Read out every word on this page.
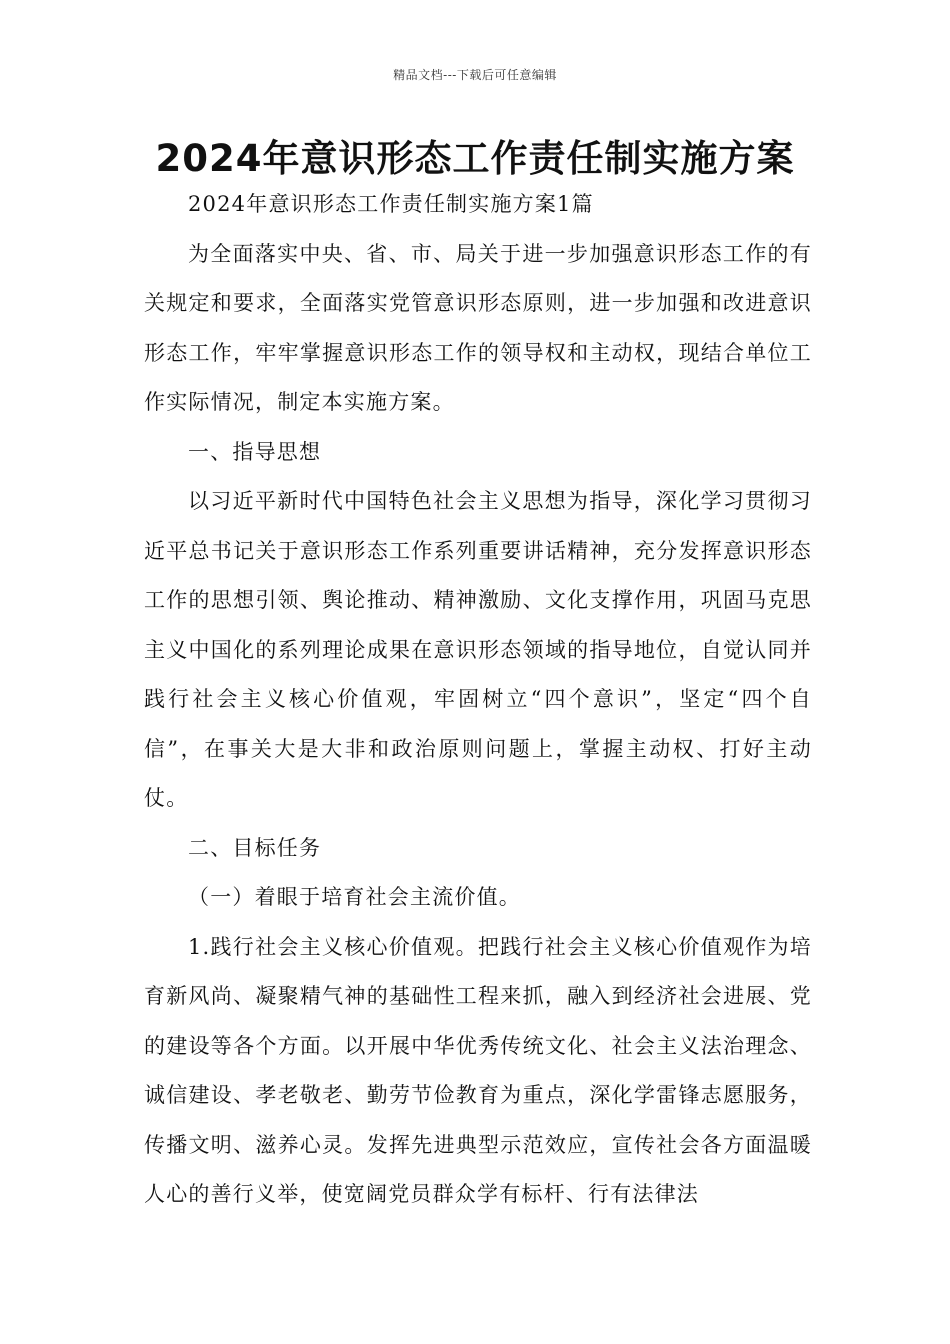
精品文档---下载后可任意编辑
2024年意识形态工作责任制实施方案

2024年意识形态工作责任制实施方案1篇

为全面落实中央、省、市、局关于进一步加强意识形态工作的有关规定和要求，全面落实党管意识形态原则，进一步加强和改进意识形态工作，牢牢掌握意识形态工作的领导权和主动权，现结合单位工作实际情况，制定本实施方案。

一、指导思想

以习近平新时代中国特色社会主义思想为指导，深化学习贯彻习近平总书记关于意识形态工作系列重要讲话精神，充分发挥意识形态工作的思想引领、舆论推动、精神激励、文化支撑作用，巩固马克思主义中国化的系列理论成果在意识形态领域的指导地位，自觉认同并践行社会主义核心价值观，牢固树立“四个意识”，坚定“四个自信”，在事关大是大非和政治原则问题上，掌握主动权、打好主动仗。

二、目标任务

（一）着眼于培育社会主流价值。

1.践行社会主义核心价值观。把践行社会主义核心价值观作为培育新风尚、凝聚精气神的基础性工程来抓，融入到经济社会进展、党的建设等各个方面。以开展中华优秀传统文化、社会主义法治理念、诚信建设、孝老敬老、勤劳节俭教育为重点，深化学雷锋志愿服务，传播文明、滋养心灵。发挥先进典型示范效应，宣传社会各方面温暖人心的善行义举，使宽阔党员群众学有标杆、行有法律法
